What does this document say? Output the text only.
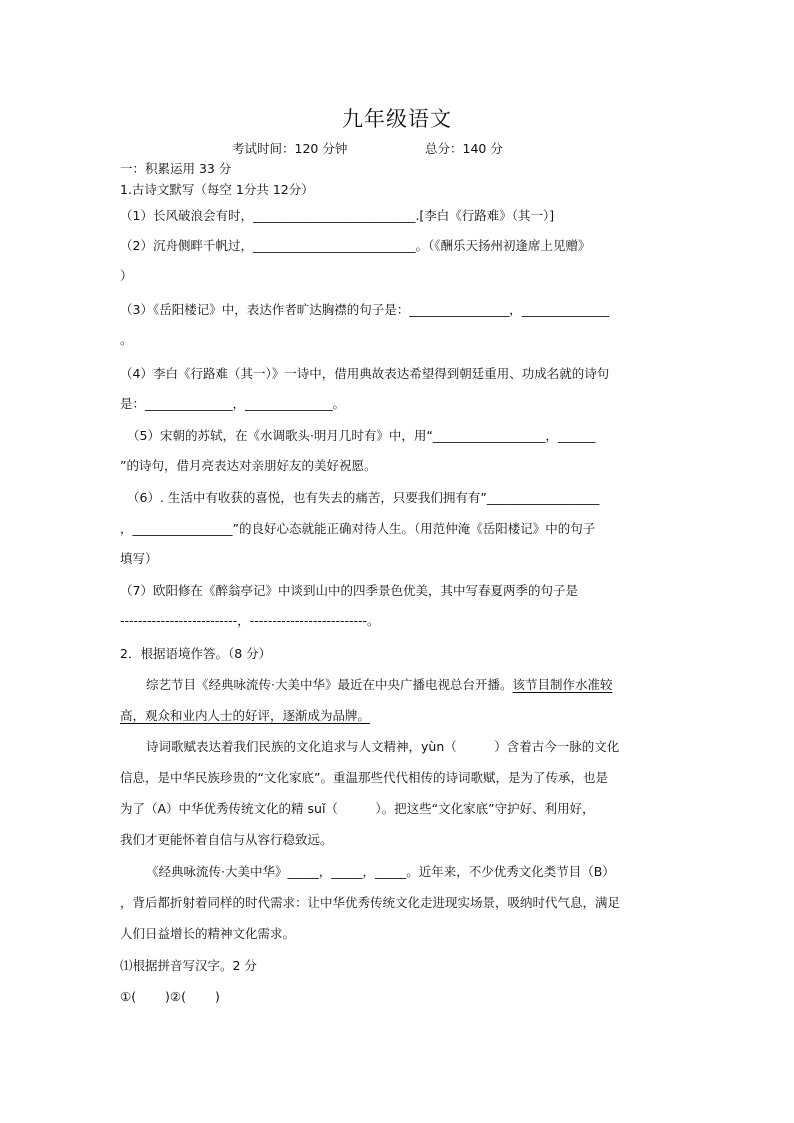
九年级语文
考试时间：120 分钟	总分：140 分
一：积累运用 33 分
1.古诗文默写（每空 1分共 12分）
（1）长风破浪会有时，__________________________.[李白《行路难》（其一）]
（2）沉舟侧畔千帆过，__________________________。（《酬乐天扬州初逢席上见赠》
）
（3）《岳阳楼记》中，表达作者旷达胸襟的句子是：________________，______________
。
（4）李白《行路难（其一）》一诗中，借用典故表达希望得到朝廷重用、功成名就的诗句
是：______________，______________。
（5）宋朝的苏轼，在《水调歌头·明月几时有》中，用“__________________，______
”的诗句，借月亮表达对亲朋好友的美好祝愿。
（6）. 生活中有收获的喜悦，也有失去的痛苦，只要我们拥有有”__________________
，________________”的良好心态就能正确对待人生。（用范仲淹《岳阳楼记》中的句子
填写）
（7）欧阳修在《醉翁亭记》中谈到山中的四季景色优美，其中写春夏两季的句子是
--------------------------，--------------------------。
2．根据语境作答。（8 分）
综艺节目《经典咏流传·大美中华》最近在中央广播电视总台开播。该节目制作水准较
高，观众和业内人士的好评，逐渐成为品牌。
诗词歌赋表达着我们民族的文化追求与人文精神，yùn（　　　）含着古今一脉的文化
信息，是中华民族珍贵的“文化家底”。重温那些代代相传的诗词歌赋，是为了传承，也是
为了（A）中华优秀传统文化的精 suǐ（　　　）。把这些“文化家底”守护好、利用好，
我们才更能怀着自信与从容行稳致远。
《经典咏流传·大美中华》_____，_____，_____。近年来，不少优秀文化类节目（B）
，背后都折射着同样的时代需求：让中华优秀传统文化走进现实场景，吸纳时代气息，满足
人们日益增长的精神文化需求。
⑴根据拼音写汉字。2 分
①(　　 )②(　　 )
